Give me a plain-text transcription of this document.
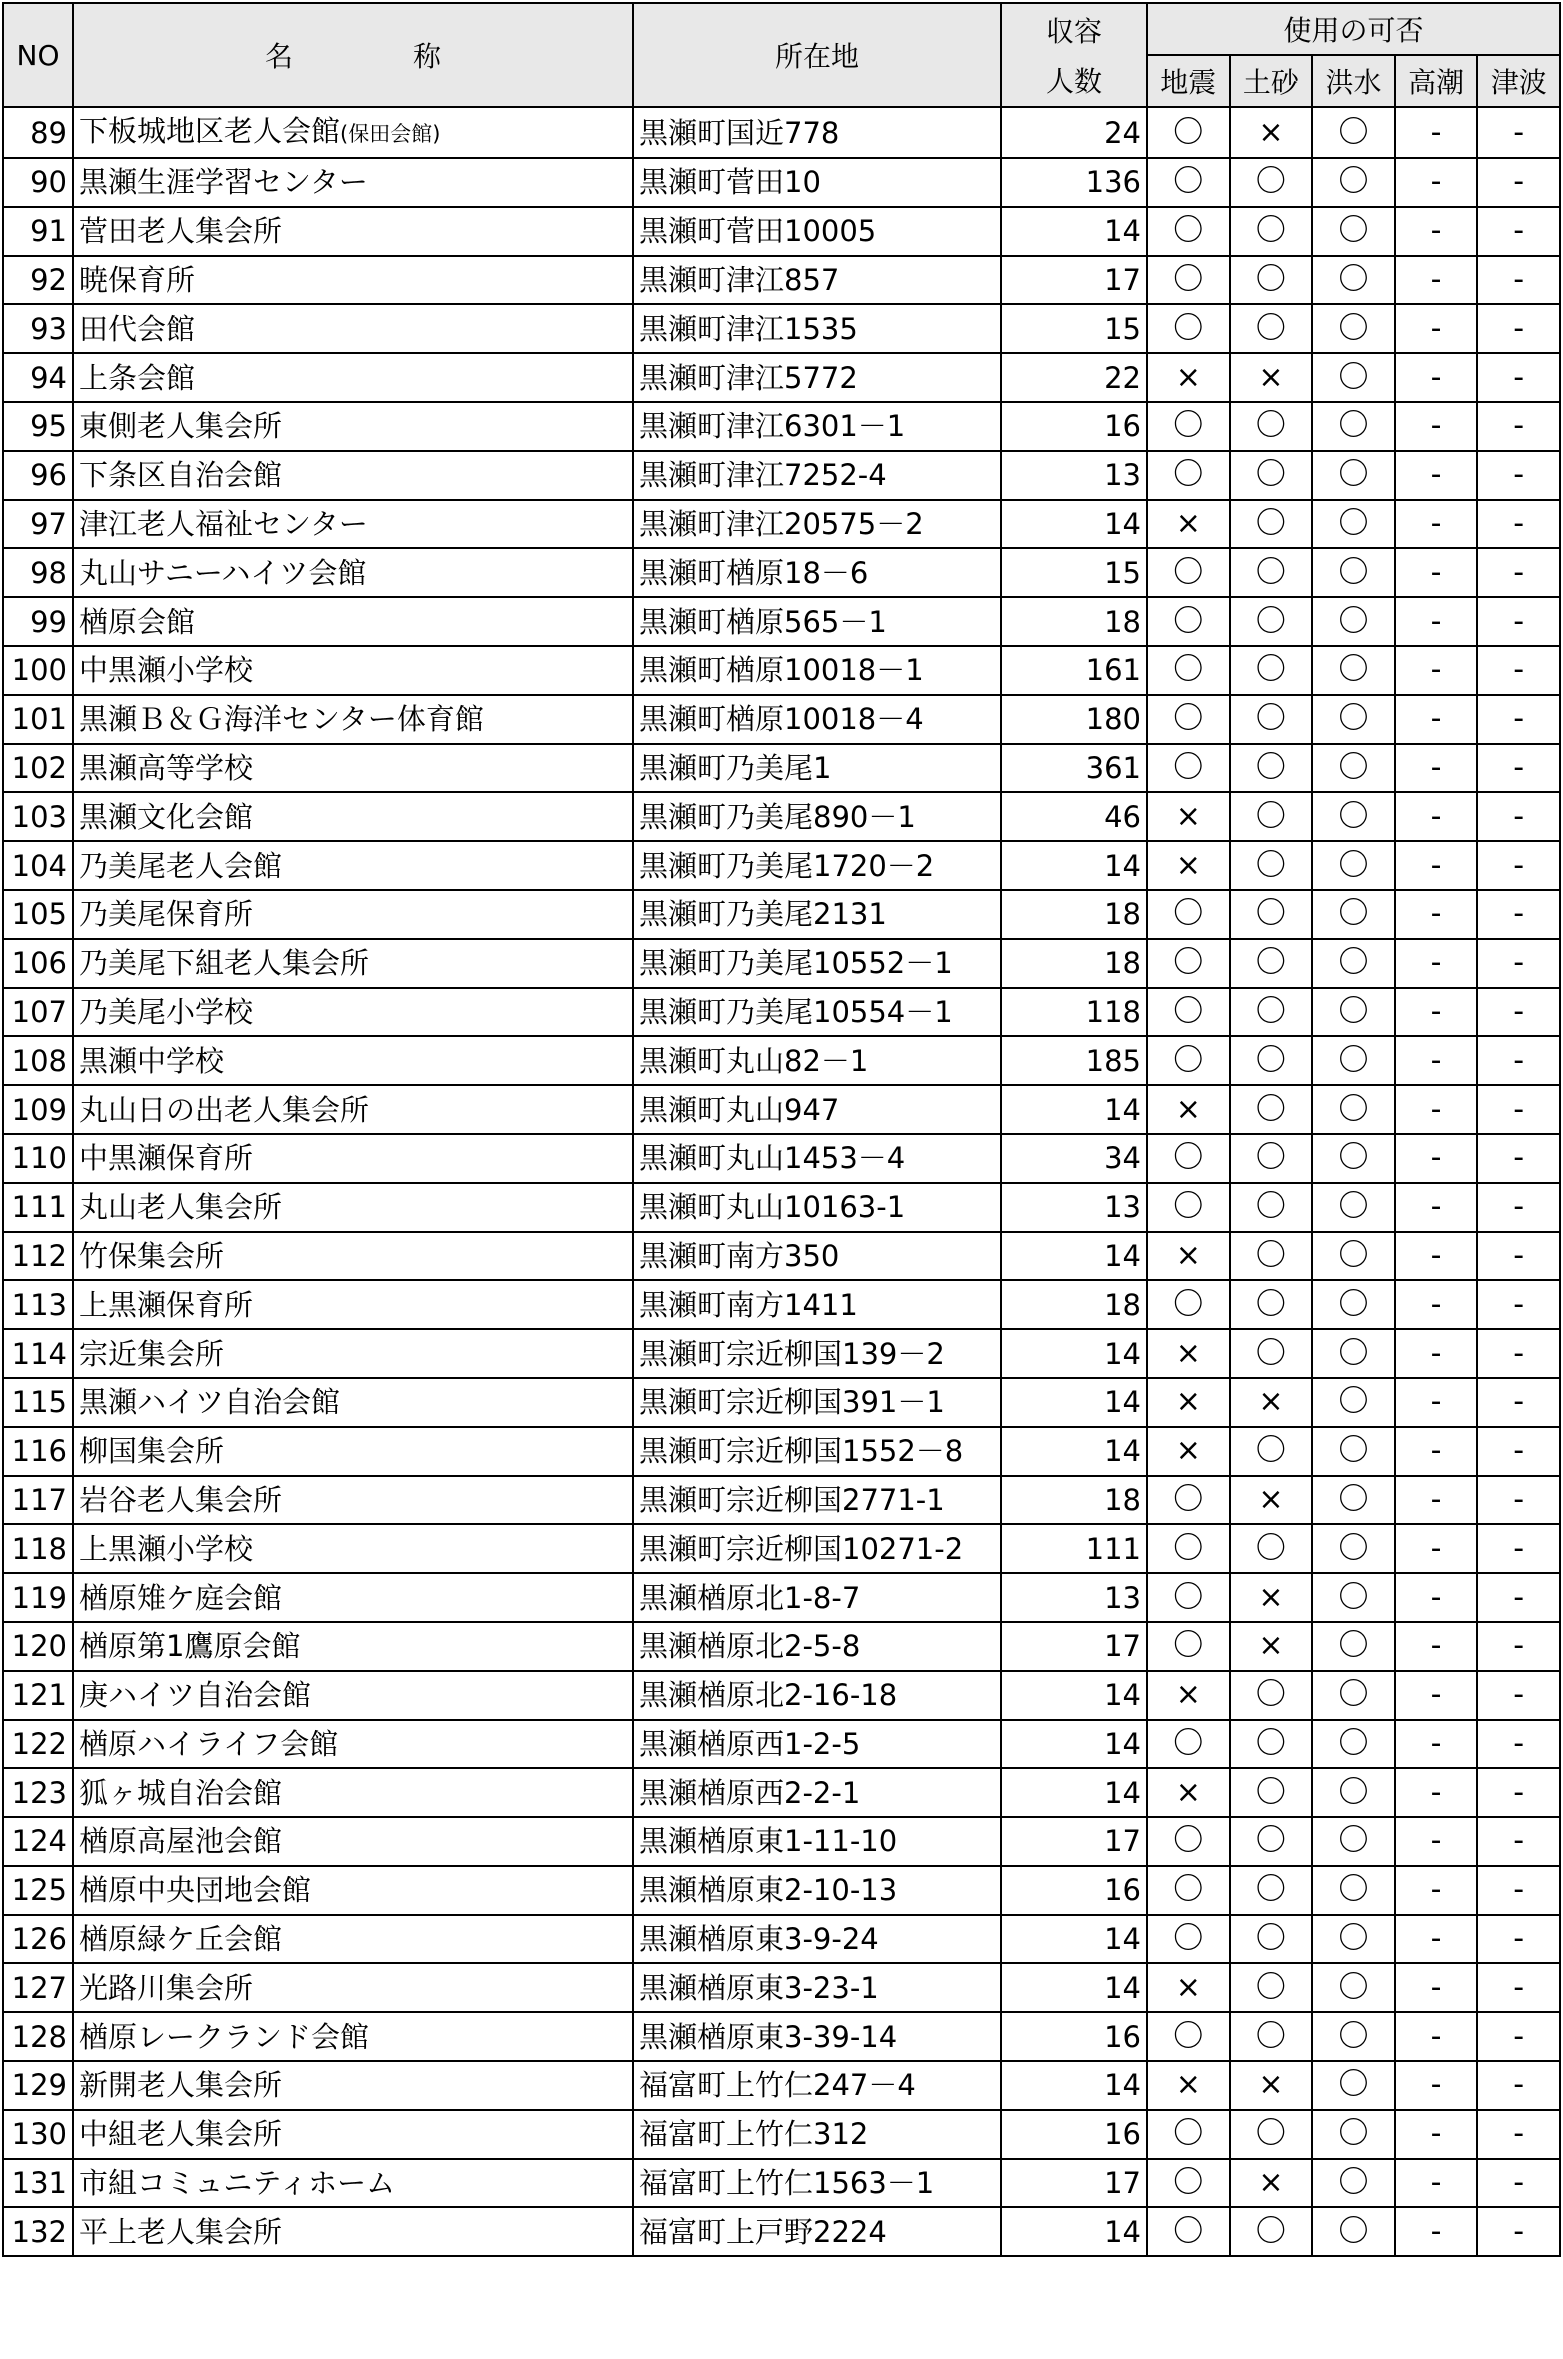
NO	名 称	所在地	収容
人数	使用の可否				
				地震	土砂	洪水	高潮	津波
89	下板城地区老人会館(保田会館)	黒瀬町国近778	24	〇	×	〇	-	-
90	黒瀬生涯学習センター	黒瀬町菅田10	136	〇	〇	〇	-	-
91	菅田老人集会所	黒瀬町菅田10005	14	〇	〇	〇	-	-
92	暁保育所	黒瀬町津江857	17	〇	〇	〇	-	-
93	田代会館	黒瀬町津江1535	15	〇	〇	〇	-	-
94	上条会館	黒瀬町津江5772	22	×	×	〇	-	-
95	東側老人集会所	黒瀬町津江6301－1	16	〇	〇	〇	-	-
96	下条区自治会館	黒瀬町津江7252-4	13	〇	〇	〇	-	-
97	津江老人福祉センター	黒瀬町津江20575－2	14	×	〇	〇	-	-
98	丸山サニーハイツ会館	黒瀬町楢原18－6	15	〇	〇	〇	-	-
99	楢原会館	黒瀬町楢原565－1	18	〇	〇	〇	-	-
100	中黒瀬小学校	黒瀬町楢原10018－1	161	〇	〇	〇	-	-
101	黒瀬Ｂ＆Ｇ海洋センター体育館	黒瀬町楢原10018－4	180	〇	〇	〇	-	-
102	黒瀬高等学校	黒瀬町乃美尾1	361	〇	〇	〇	-	-
103	黒瀬文化会館	黒瀬町乃美尾890－1	46	×	〇	〇	-	-
104	乃美尾老人会館	黒瀬町乃美尾1720－2	14	×	〇	〇	-	-
105	乃美尾保育所	黒瀬町乃美尾2131	18	〇	〇	〇	-	-
106	乃美尾下組老人集会所	黒瀬町乃美尾10552－1	18	〇	〇	〇	-	-
107	乃美尾小学校	黒瀬町乃美尾10554－1	118	〇	〇	〇	-	-
108	黒瀬中学校	黒瀬町丸山82－1	185	〇	〇	〇	-	-
109	丸山日の出老人集会所	黒瀬町丸山947	14	×	〇	〇	-	-
110	中黒瀬保育所	黒瀬町丸山1453－4	34	〇	〇	〇	-	-
111	丸山老人集会所	黒瀬町丸山10163-1	13	〇	〇	〇	-	-
112	竹保集会所	黒瀬町南方350	14	×	〇	〇	-	-
113	上黒瀬保育所	黒瀬町南方1411	18	〇	〇	〇	-	-
114	宗近集会所	黒瀬町宗近柳国139－2	14	×	〇	〇	-	-
115	黒瀬ハイツ自治会館	黒瀬町宗近柳国391－1	14	×	×	〇	-	-
116	柳国集会所	黒瀬町宗近柳国1552－8	14	×	〇	〇	-	-
117	岩谷老人集会所	黒瀬町宗近柳国2771-1	18	〇	×	〇	-	-
118	上黒瀬小学校	黒瀬町宗近柳国10271-2	111	〇	〇	〇	-	-
119	楢原雉ケ庭会館	黒瀬楢原北1-8-7	13	〇	×	〇	-	-
120	楢原第1鷹原会館	黒瀬楢原北2-5-8	17	〇	×	〇	-	-
121	庚ハイツ自治会館	黒瀬楢原北2-16-18	14	×	〇	〇	-	-
122	楢原ハイライフ会館	黒瀬楢原西1-2-5	14	〇	〇	〇	-	-
123	狐ヶ城自治会館	黒瀬楢原西2-2-1	14	×	〇	〇	-	-
124	楢原高屋池会館	黒瀬楢原東1-11-10	17	〇	〇	〇	-	-
125	楢原中央団地会館	黒瀬楢原東2-10-13	16	〇	〇	〇	-	-
126	楢原緑ケ丘会館	黒瀬楢原東3-9-24	14	〇	〇	〇	-	-
127	光路川集会所	黒瀬楢原東3-23-1	14	×	〇	〇	-	-
128	楢原レークランド会館	黒瀬楢原東3-39-14	16	〇	〇	〇	-	-
129	新開老人集会所	福富町上竹仁247－4	14	×	×	〇	-	-
130	中組老人集会所	福富町上竹仁312	16	〇	〇	〇	-	-
131	市組コミュニティホーム	福富町上竹仁1563－1	17	〇	×	〇	-	-
132	平上老人集会所	福富町上戸野2224	14	〇	〇	〇	-	-
